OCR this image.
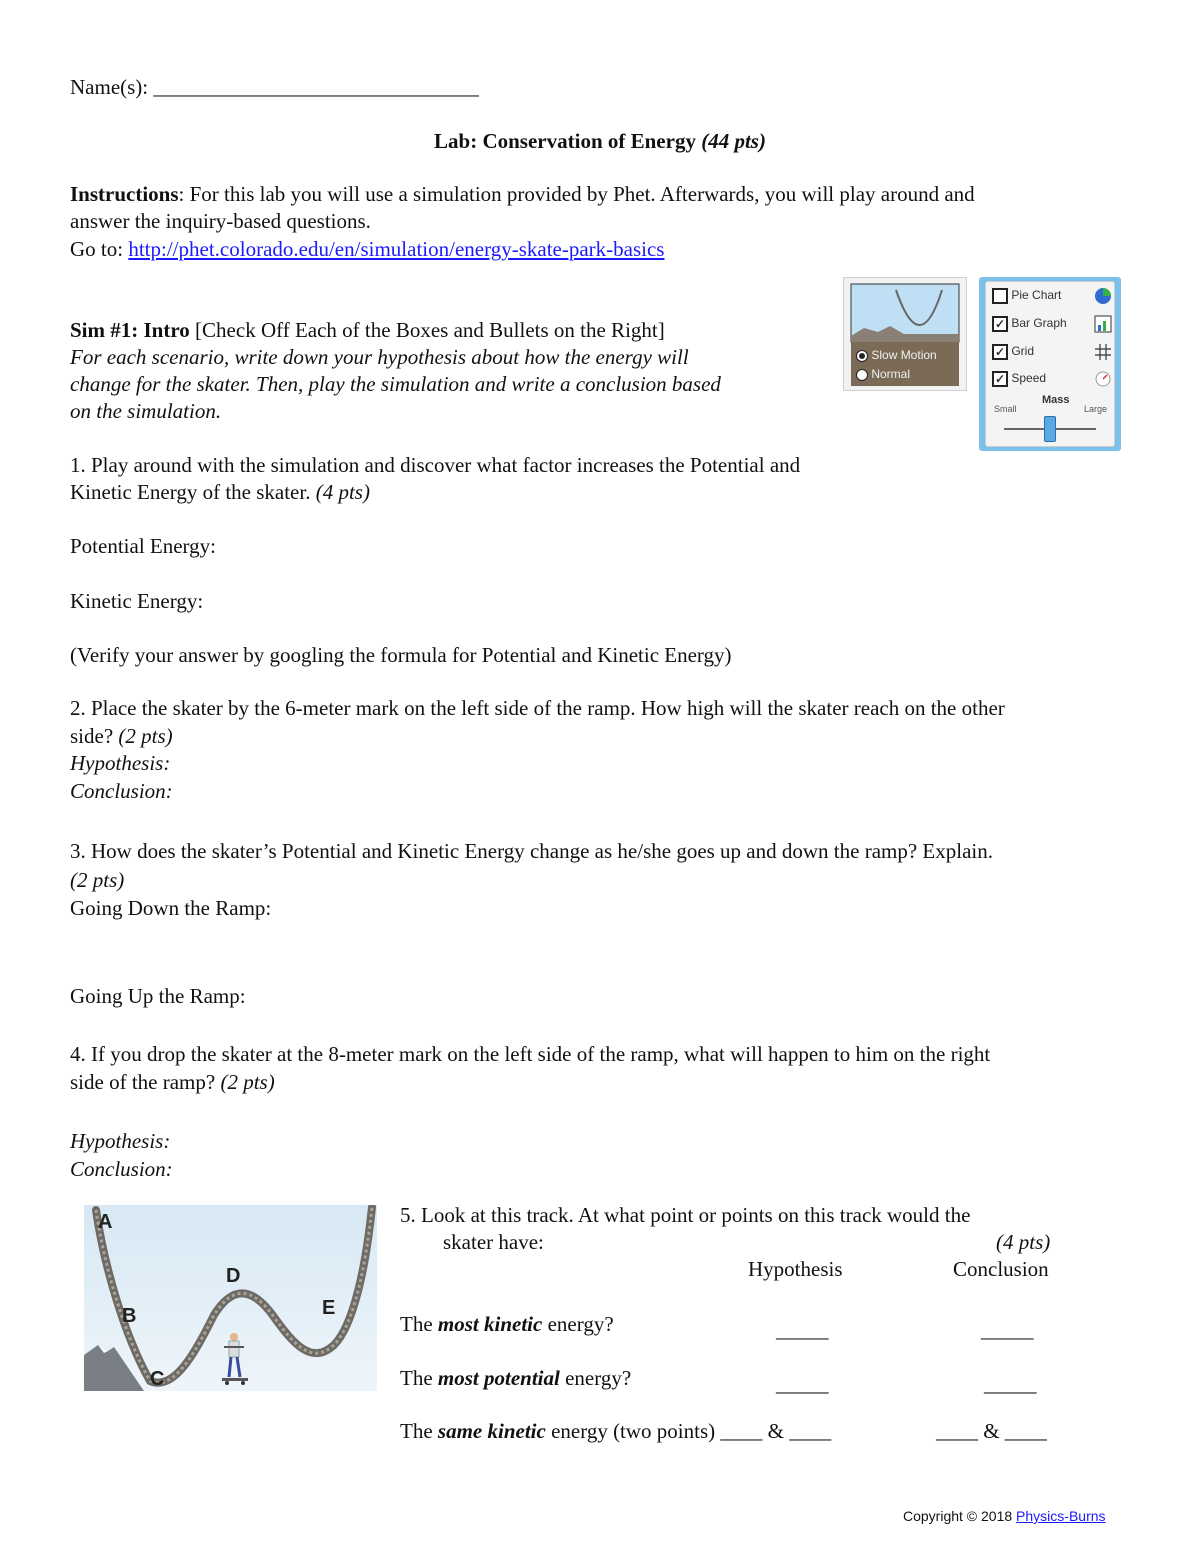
Name(s): _______________________________
Lab: Conservation of Energy (44 pts)
Instructions: For this lab you will use a simulation provided by Phet. Afterwards, you will play around and
answer the inquiry-based questions.
Go to: http://phet.colorado.edu/en/simulation/energy-skate-park-basics
Sim #1: Intro [Check Off Each of the Boxes and Bullets on the Right]
For each scenario, write down your hypothesis about how the energy will
change for the skater. Then, play the simulation and write a conclusion based
on the simulation.
Slow Motion
Normal
Pie Chart
✓ Bar Graph
✓ Grid
✓ Speed
Mass
Small	Large
1. Play around with the simulation and discover what factor increases the Potential and
Kinetic Energy of the skater. (4 pts)
Potential Energy:
Kinetic Energy:
(Verify your answer by googling the formula for Potential and Kinetic Energy)
2. Place the skater by the 6-meter mark on the left side of the ramp. How high will the skater reach on the other
side? (2 pts)
Hypothesis:
Conclusion:
3. How does the skater’s Potential and Kinetic Energy change as he/she goes up and down the ramp? Explain.
(2 pts)
Going Down the Ramp:
Going Up the Ramp:
4. If you drop the skater at the 8-meter mark on the left side of the ramp, what will happen to him on the right
side of the ramp? (2 pts)
Hypothesis:
Conclusion:
A
B
C
D
E
5. Look at this track. At what point or points on this track would the
skater have:	(4 pts)
Hypothesis	Conclusion
The most kinetic energy?	_____	_____
The most potential energy?	_____	_____
The same kinetic energy (two points) ____ & ____	____ & ____
Copyright © 2018 Physics-Burns
